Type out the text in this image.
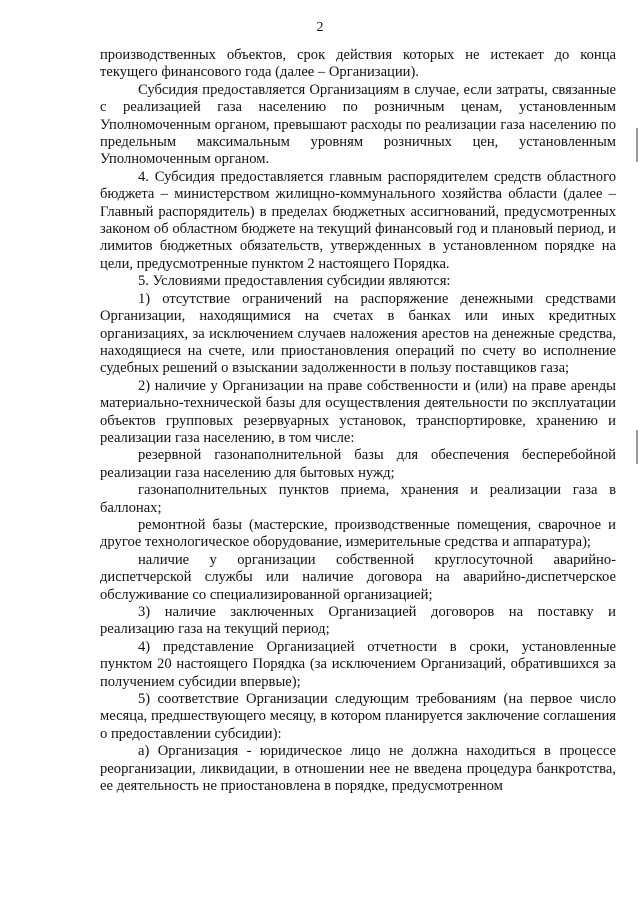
2

производственных объектов, срок действия которых не истекает до конца текущего финансового года (далее – Организации).

Субсидия предоставляется Организациям в случае, если затраты, связанные с реализацией газа населению по розничным ценам, установленным Уполномоченным органом, превышают расходы по реализации газа населению по предельным максимальным уровням розничных цен, установленным Уполномоченным органом.

4. Субсидия предоставляется главным распорядителем средств областного бюджета – министерством жилищно-коммунального хозяйства области (далее – Главный распорядитель) в пределах бюджетных ассигнований, предусмотренных законом об областном бюджете на текущий финансовый год и плановый период, и лимитов бюджетных обязательств, утвержденных в установленном порядке на цели, предусмотренные пунктом 2 настоящего Порядка.

5. Условиями предоставления субсидии являются:

1) отсутствие ограничений на распоряжение денежными средствами Организации, находящимися на счетах в банках или иных кредитных организациях, за исключением случаев наложения арестов на денежные средства, находящиеся на счете, или приостановления операций по счету во исполнение судебных решений о взыскании задолженности в пользу поставщиков газа;

2) наличие у Организации на праве собственности и (или) на праве аренды материально-технической базы для осуществления деятельности по эксплуатации объектов групповых резервуарных установок, транспортировке, хранению и реализации газа населению, в том числе:

резервной газонаполнительной базы для обеспечения бесперебойной реализации газа населению для бытовых нужд;

газонаполнительных пунктов приема, хранения и реализации газа в баллонах;

ремонтной базы (мастерские, производственные помещения, сварочное и другое технологическое оборудование, измерительные средства и аппаратура);

наличие у организации собственной круглосуточной аварийно-диспетчерской службы или наличие договора на аварийно-диспетчерское обслуживание со специализированной организацией;

3) наличие заключенных Организацией договоров на поставку и реализацию газа на текущий период;

4) представление Организацией отчетности в сроки, установленные пунктом 20 настоящего Порядка (за исключением Организаций, обратившихся за получением субсидии впервые);

5) соответствие Организации следующим требованиям (на первое число месяца, предшествующего месяцу, в котором планируется заключение соглашения о предоставлении субсидии):

а) Организация - юридическое лицо не должна находиться в процессе реорганизации, ликвидации, в отношении нее не введена процедура банкротства, ее деятельность не приостановлена в порядке, предусмотренном
